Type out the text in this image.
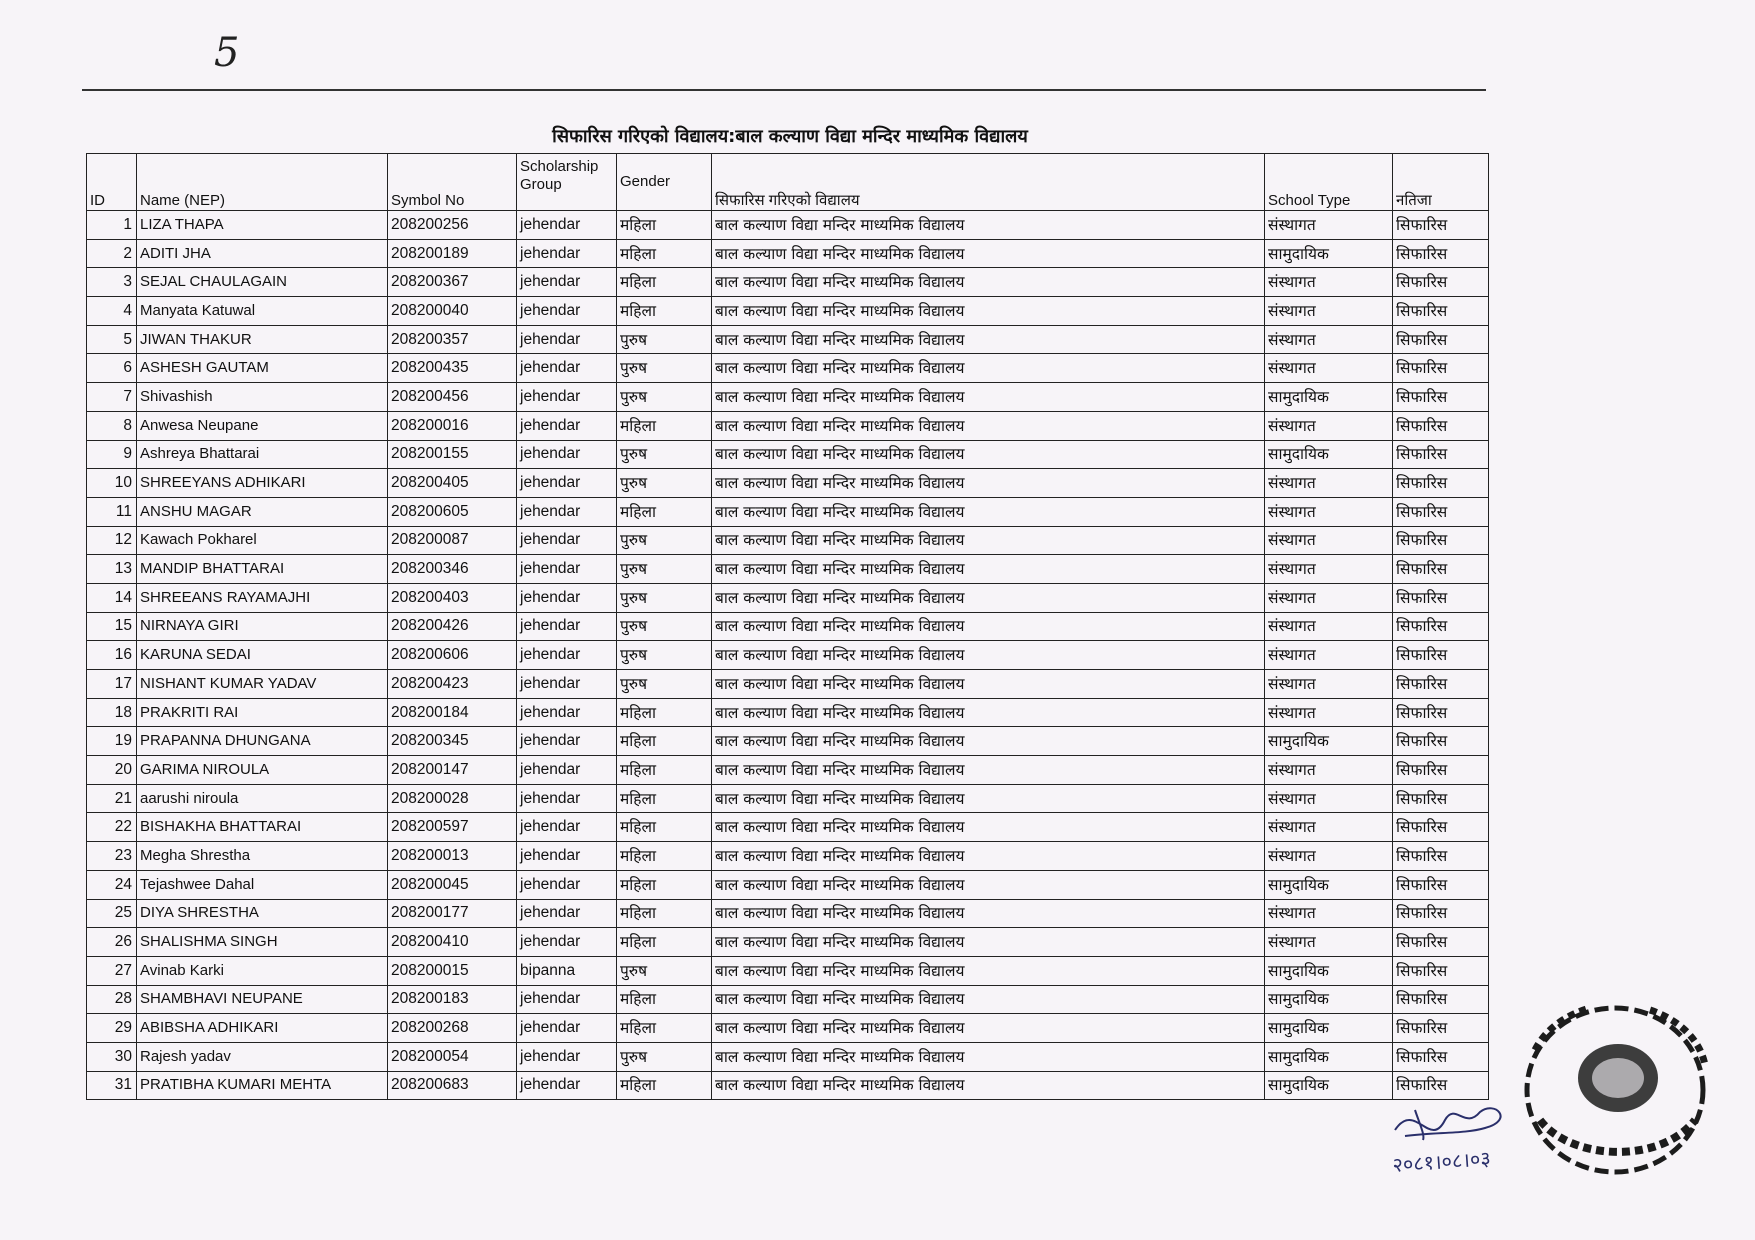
5
सिफारिस गरिएको विद्यालय:बाल कल्याण विद्या मन्दिर माध्यमिक विद्यालय
ID	Name (NEP)	Symbol No	Scholarship Group	Gender	सिफारिस गरिएको विद्यालय	School Type	नतिजा
1	LIZA THAPA	208200256	jehendar	महिला	बाल कल्याण विद्या मन्दिर माध्यमिक विद्यालय	संस्थागत	सिफारिस
2	ADITI JHA	208200189	jehendar	महिला	बाल कल्याण विद्या मन्दिर माध्यमिक विद्यालय	सामुदायिक	सिफारिस
3	SEJAL CHAULAGAIN	208200367	jehendar	महिला	बाल कल्याण विद्या मन्दिर माध्यमिक विद्यालय	संस्थागत	सिफारिस
4	Manyata Katuwal	208200040	jehendar	महिला	बाल कल्याण विद्या मन्दिर माध्यमिक विद्यालय	संस्थागत	सिफारिस
5	JIWAN THAKUR	208200357	jehendar	पुरुष	बाल कल्याण विद्या मन्दिर माध्यमिक विद्यालय	संस्थागत	सिफारिस
6	ASHESH GAUTAM	208200435	jehendar	पुरुष	बाल कल्याण विद्या मन्दिर माध्यमिक विद्यालय	संस्थागत	सिफारिस
7	Shivashish	208200456	jehendar	पुरुष	बाल कल्याण विद्या मन्दिर माध्यमिक विद्यालय	सामुदायिक	सिफारिस
8	Anwesa Neupane	208200016	jehendar	महिला	बाल कल्याण विद्या मन्दिर माध्यमिक विद्यालय	संस्थागत	सिफारिस
9	Ashreya Bhattarai	208200155	jehendar	पुरुष	बाल कल्याण विद्या मन्दिर माध्यमिक विद्यालय	सामुदायिक	सिफारिस
10	SHREEYANS ADHIKARI	208200405	jehendar	पुरुष	बाल कल्याण विद्या मन्दिर माध्यमिक विद्यालय	संस्थागत	सिफारिस
11	ANSHU MAGAR	208200605	jehendar	महिला	बाल कल्याण विद्या मन्दिर माध्यमिक विद्यालय	संस्थागत	सिफारिस
12	Kawach Pokharel	208200087	jehendar	पुरुष	बाल कल्याण विद्या मन्दिर माध्यमिक विद्यालय	संस्थागत	सिफारिस
13	MANDIP BHATTARAI	208200346	jehendar	पुरुष	बाल कल्याण विद्या मन्दिर माध्यमिक विद्यालय	संस्थागत	सिफारिस
14	SHREEANS RAYAMAJHI	208200403	jehendar	पुरुष	बाल कल्याण विद्या मन्दिर माध्यमिक विद्यालय	संस्थागत	सिफारिस
15	NIRNAYA GIRI	208200426	jehendar	पुरुष	बाल कल्याण विद्या मन्दिर माध्यमिक विद्यालय	संस्थागत	सिफारिस
16	KARUNA SEDAI	208200606	jehendar	पुरुष	बाल कल्याण विद्या मन्दिर माध्यमिक विद्यालय	संस्थागत	सिफारिस
17	NISHANT KUMAR YADAV	208200423	jehendar	पुरुष	बाल कल्याण विद्या मन्दिर माध्यमिक विद्यालय	संस्थागत	सिफारिस
18	PRAKRITI RAI	208200184	jehendar	महिला	बाल कल्याण विद्या मन्दिर माध्यमिक विद्यालय	संस्थागत	सिफारिस
19	PRAPANNA DHUNGANA	208200345	jehendar	महिला	बाल कल्याण विद्या मन्दिर माध्यमिक विद्यालय	सामुदायिक	सिफारिस
20	GARIMA NIROULA	208200147	jehendar	महिला	बाल कल्याण विद्या मन्दिर माध्यमिक विद्यालय	संस्थागत	सिफारिस
21	aarushi niroula	208200028	jehendar	महिला	बाल कल्याण विद्या मन्दिर माध्यमिक विद्यालय	संस्थागत	सिफारिस
22	BISHAKHA BHATTARAI	208200597	jehendar	महिला	बाल कल्याण विद्या मन्दिर माध्यमिक विद्यालय	संस्थागत	सिफारिस
23	Megha Shrestha	208200013	jehendar	महिला	बाल कल्याण विद्या मन्दिर माध्यमिक विद्यालय	संस्थागत	सिफारिस
24	Tejashwee Dahal	208200045	jehendar	महिला	बाल कल्याण विद्या मन्दिर माध्यमिक विद्यालय	सामुदायिक	सिफारिस
25	DIYA SHRESTHA	208200177	jehendar	महिला	बाल कल्याण विद्या मन्दिर माध्यमिक विद्यालय	संस्थागत	सिफारिस
26	SHALISHMA SINGH	208200410	jehendar	महिला	बाल कल्याण विद्या मन्दिर माध्यमिक विद्यालय	संस्थागत	सिफारिस
27	Avinab Karki	208200015	bipanna	पुरुष	बाल कल्याण विद्या मन्दिर माध्यमिक विद्यालय	सामुदायिक	सिफारिस
28	SHAMBHAVI NEUPANE	208200183	jehendar	महिला	बाल कल्याण विद्या मन्दिर माध्यमिक विद्यालय	सामुदायिक	सिफारिस
29	ABIBSHA ADHIKARI	208200268	jehendar	महिला	बाल कल्याण विद्या मन्दिर माध्यमिक विद्यालय	सामुदायिक	सिफारिस
30	Rajesh yadav	208200054	jehendar	पुरुष	बाल कल्याण विद्या मन्दिर माध्यमिक विद्यालय	सामुदायिक	सिफारिस
31	PRATIBHA KUMARI MEHTA	208200683	jehendar	महिला	बाल कल्याण विद्या मन्दिर माध्यमिक विद्यालय	सामुदायिक	सिफारिस
२०८१।०८।०३
